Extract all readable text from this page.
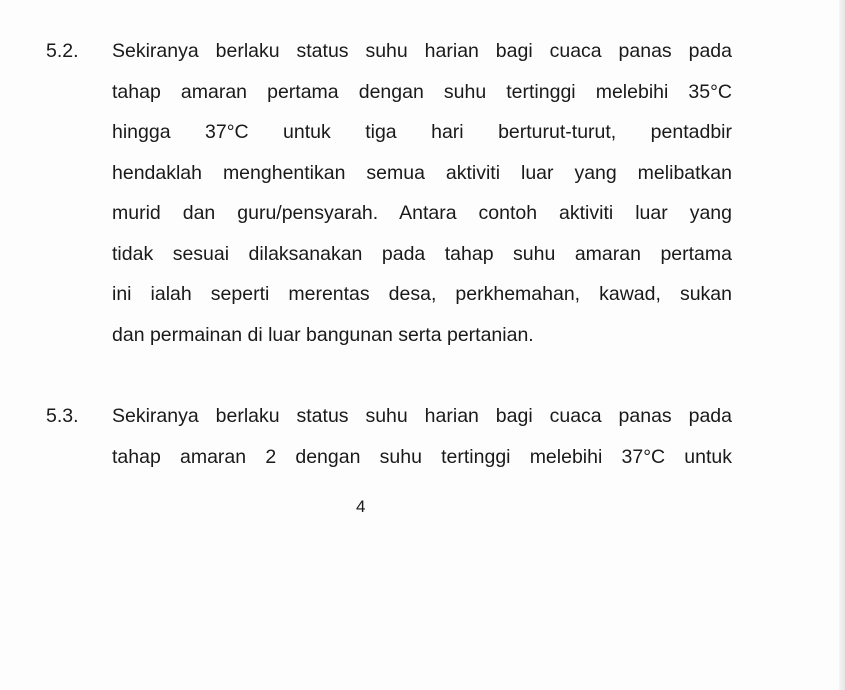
5.2. Sekiranya berlaku status suhu harian bagi cuaca panas pada
tahap amaran pertama dengan suhu tertinggi melebihi 35°C
hingga 37°C untuk tiga hari berturut-turut, pentadbir
hendaklah menghentikan semua aktiviti luar yang melibatkan
murid dan guru/pensyarah. Antara contoh aktiviti luar yang
tidak sesuai dilaksanakan pada tahap suhu amaran pertama
ini ialah seperti merentas desa, perkhemahan, kawad, sukan
dan permainan di luar bangunan serta pertanian.
5.3. Sekiranya berlaku status suhu harian bagi cuaca panas pada
tahap amaran 2 dengan suhu tertinggi melebihi 37°C untuk
4
